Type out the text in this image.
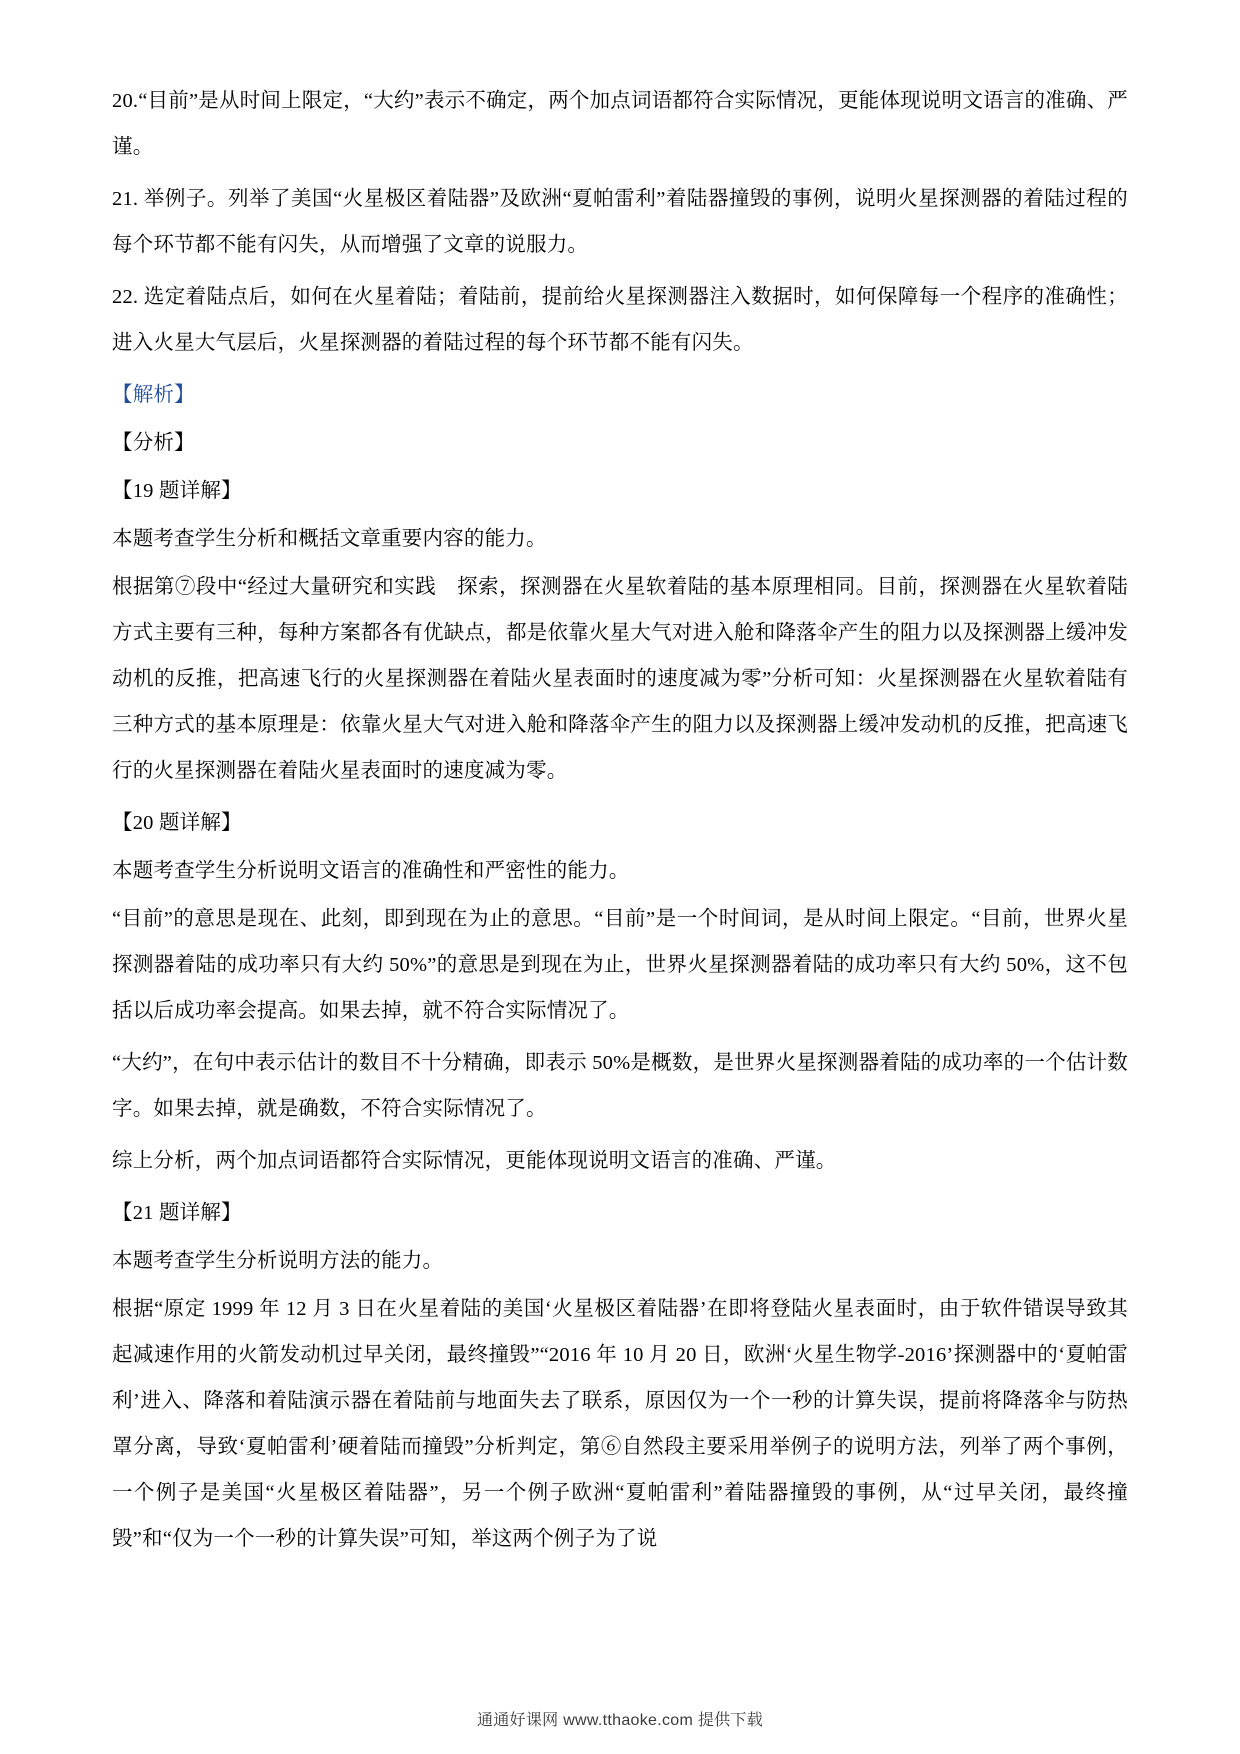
20.“目前”是从时间上限定，“大约”表示不确定，两个加点词语都符合实际情况，更能体现说明文语言的准确、严谨。

21. 举例子。列举了美国“火星极区着陆器”及欧洲“夏帕雷利”着陆器撞毁的事例，说明火星探测器的着陆过程的每个环节都不能有闪失，从而增强了文章的说服力。

22. 选定着陆点后，如何在火星着陆；着陆前，提前给火星探测器注入数据时，如何保障每一个程序的准确性；进入火星大气层后，火星探测器的着陆过程的每个环节都不能有闪失。

【解析】

【分析】

【19 题详解】

本题考查学生分析和概括文章重要内容的能力。

根据第⑦段中“经过大量研究和实践　探索，探测器在火星软着陆的基本原理相同。目前，探测器在火星软着陆方式主要有三种，每种方案都各有优缺点，都是依靠火星大气对进入舱和降落伞产生的阻力以及探测器上缓冲发动机的反推，把高速飞行的火星探测器在着陆火星表面时的速度减为零”分析可知：火星探测器在火星软着陆有三种方式的基本原理是：依靠火星大气对进入舱和降落伞产生的阻力以及探测器上缓冲发动机的反推，把高速飞行的火星探测器在着陆火星表面时的速度减为零。

【20 题详解】

本题考查学生分析说明文语言的准确性和严密性的能力。

“目前”的意思是现在、此刻，即到现在为止的意思。“目前”是一个时间词，是从时间上限定。“目前，世界火星探测器着陆的成功率只有大约 50%”的意思是到现在为止，世界火星探测器着陆的成功率只有大约 50%，这不包括以后成功率会提高。如果去掉，就不符合实际情况了。

“大约”，在句中表示估计的数目不十分精确，即表示 50%是概数，是世界火星探测器着陆的成功率的一个估计数字。如果去掉，就是确数，不符合实际情况了。

综上分析，两个加点词语都符合实际情况，更能体现说明文语言的准确、严谨。

【21 题详解】

本题考查学生分析说明方法的能力。

根据“原定 1999 年 12 月 3 日在火星着陆的美国‘火星极区着陆器’在即将登陆火星表面时，由于软件错误导致其起减速作用的火箭发动机过早关闭，最终撞毁”“2016 年 10 月 20 日，欧洲‘火星生物学-2016’探测器中的‘夏帕雷利’进入、降落和着陆演示器在着陆前与地面失去了联系，原因仅为一个一秒的计算失误，提前将降落伞与防热罩分离，导致‘夏帕雷利’硬着陆而撞毁”分析判定，第⑥自然段主要采用举例子的说明方法，列举了两个事例，一个例子是美国“火星极区着陆器”，另一个例子欧洲“夏帕雷利”着陆器撞毁的事例，从“过早关闭，最终撞毁”和“仅为一个一秒的计算失误”可知，举这两个例子为了说

通通好课网 www.tthaoke.com 提供下载
